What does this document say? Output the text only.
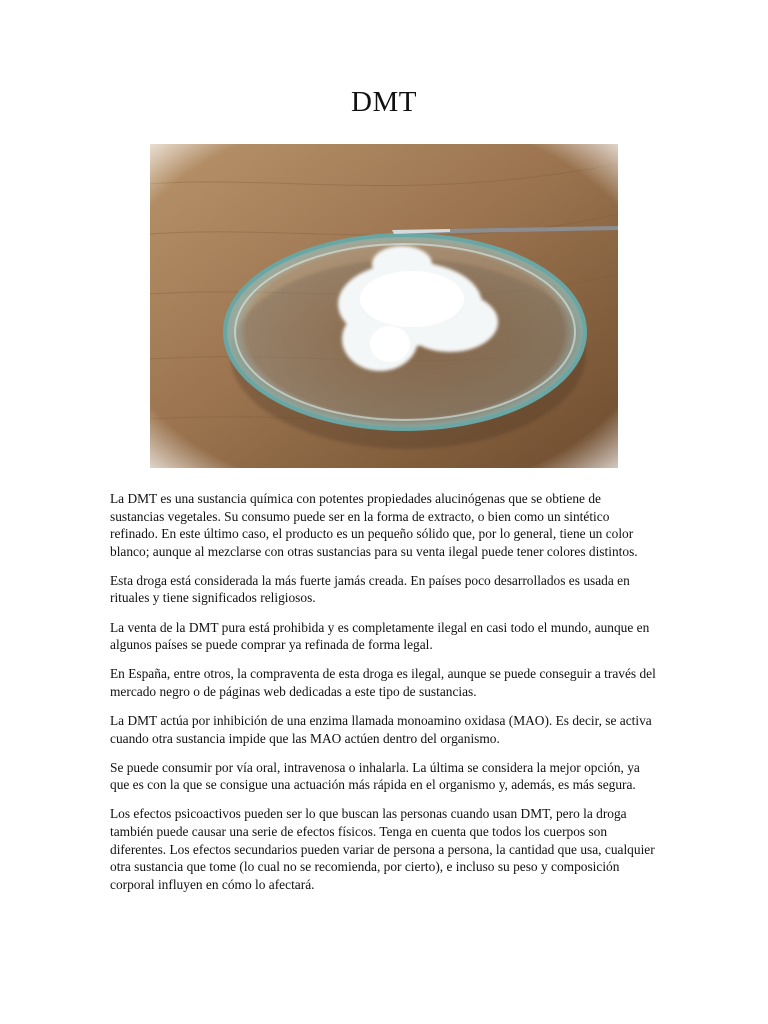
DMT

La DMT es una sustancia química con potentes propiedades alucinógenas que se obtiene de sustancias vegetales. Su consumo puede ser en la forma de extracto, o bien como un sintético refinado. En este último caso, el producto es un pequeño sólido que, por lo general, tiene un color blanco; aunque al mezclarse con otras sustancias para su venta ilegal puede tener colores distintos.

Esta droga está considerada la más fuerte jamás creada. En países poco desarrollados es usada en rituales y tiene significados religiosos.

La venta de la DMT pura está prohibida y es completamente ilegal en casi todo el mundo, aunque en algunos países se puede comprar ya refinada de forma legal.

En España, entre otros, la compraventa de esta droga es ilegal, aunque se puede conseguir a través del mercado negro o de páginas web dedicadas a este tipo de sustancias.

La DMT actúa por inhibición de una enzima llamada monoamino oxidasa (MAO). Es decir, se activa cuando otra sustancia impide que las MAO actúen dentro del organismo.

Se puede consumir por vía oral, intravenosa o inhalarla. La última se considera la mejor opción, ya que es con la que se consigue una actuación más rápida en el organismo y, además, es más segura.

Los efectos psicoactivos pueden ser lo que buscan las personas cuando usan DMT, pero la droga también puede causar una serie de efectos físicos. Tenga en cuenta que todos los cuerpos son diferentes. Los efectos secundarios pueden variar de persona a persona, la cantidad que usa, cualquier otra sustancia que tome (lo cual no se recomienda, por cierto), e incluso su peso y composición corporal influyen en cómo lo afectará.
